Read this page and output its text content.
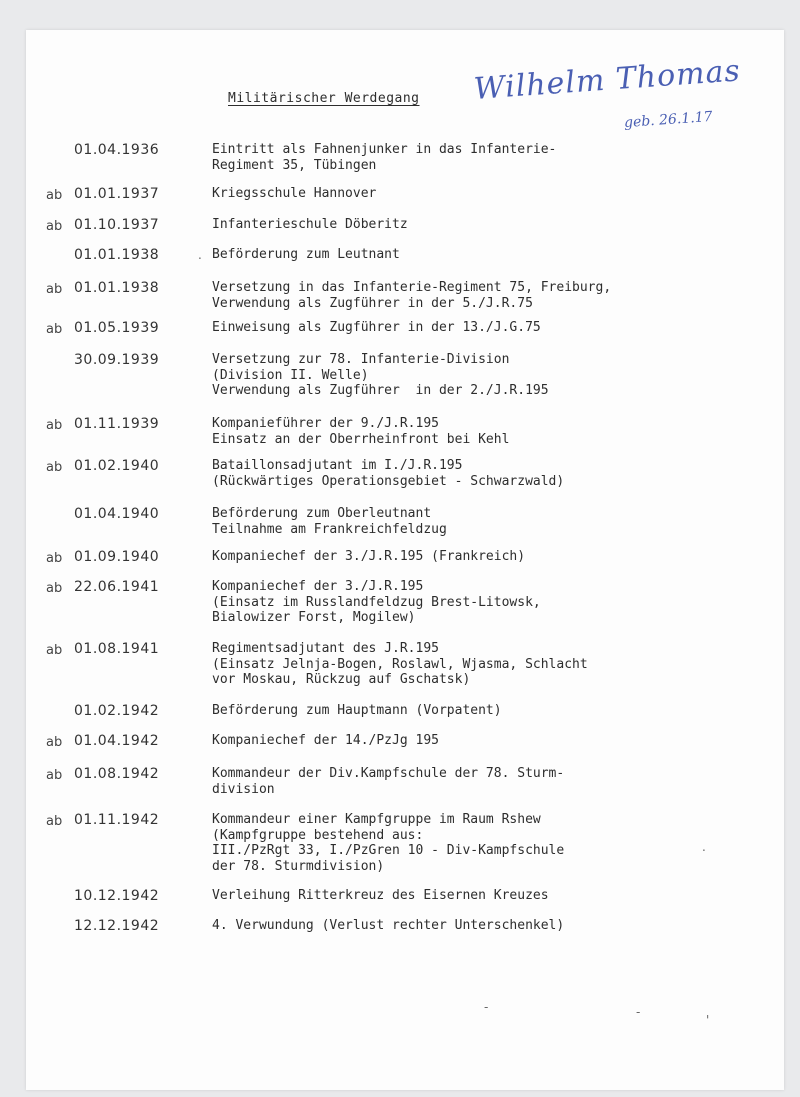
Militärischer Werdegang Wilhelm Thomas
geb. 26.1.17
01.04.1936	Eintritt als Fahnenjunker in das Infanterie-
Regiment 35, Tübingen
ab 01.01.1937	Kriegsschule Hannover
ab 01.10.1937	Infanterieschule Döberitz
01.01.1938	Beförderung zum Leutnant
ab 01.01.1938	Versetzung in das Infanterie-Regiment 75, Freiburg,
Verwendung als Zugführer in der 5./J.R.75
ab 01.05.1939	Einweisung als Zugführer in der 13./J.G.75
30.09.1939	Versetzung zur 78. Infanterie-Division
(Division II. Welle)
Verwendung als Zugführer  in der 2./J.R.195
ab 01.11.1939	Kompanieführer der 9./J.R.195
Einsatz an der Oberrheinfront bei Kehl
ab 01.02.1940	Bataillonsadjutant im I./J.R.195
(Rückwärtiges Operationsgebiet - Schwarzwald)
01.04.1940	Beförderung zum Oberleutnant
Teilnahme am Frankreichfeldzug
ab 01.09.1940	Kompaniechef der 3./J.R.195 (Frankreich)
ab 22.06.1941	Kompaniechef der 3./J.R.195
(Einsatz im Russlandfeldzug Brest-Litowsk,
Bialowizer Forst, Mogilew)
ab 01.08.1941	Regimentsadjutant des J.R.195
(Einsatz Jelnja-Bogen, Roslawl, Wjasma, Schlacht
vor Moskau, Rückzug auf Gschatsk)
01.02.1942	Beförderung zum Hauptmann (Vorpatent)
ab 01.04.1942	Kompaniechef der 14./PzJg 195
ab 01.08.1942	Kommandeur der Div.Kampfschule der 78. Sturm-
division
ab 01.11.1942	Kommandeur einer Kampfgruppe im Raum Rshew
(Kampfgruppe bestehend aus:
III./PzRgt 33, I./PzGren 10 - Div-Kampfschule
der 78. Sturmdivision)
10.12.1942	Verleihung Ritterkreuz des Eisernen Kreuzes
12.12.1942	4. Verwundung (Verlust rechter Unterschenkel)
.
.
-	-
'
